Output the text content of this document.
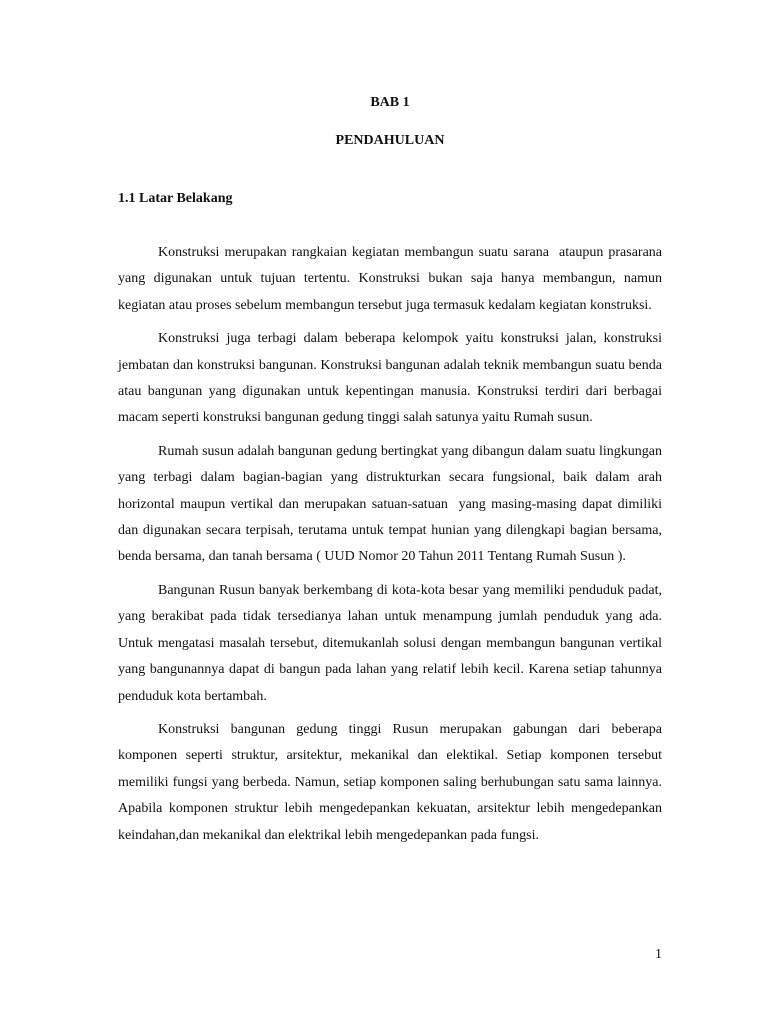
BAB 1
PENDAHULUAN
1.1 Latar Belakang

Konstruksi merupakan rangkaian kegiatan membangun suatu sarana  ataupun prasarana yang digunakan untuk tujuan tertentu. Konstruksi bukan saja hanya membangun, namun kegiatan atau proses sebelum membangun tersebut juga termasuk kedalam kegiatan konstruksi.

Konstruksi juga terbagi dalam beberapa kelompok yaitu konstruksi jalan, konstruksi jembatan dan konstruksi bangunan. Konstruksi bangunan adalah teknik membangun suatu benda atau bangunan yang digunakan untuk kepentingan manusia. Konstruksi terdiri dari berbagai macam seperti konstruksi bangunan gedung tinggi salah satunya yaitu Rumah susun.

Rumah susun adalah bangunan gedung bertingkat yang dibangun dalam suatu lingkungan yang terbagi dalam bagian-bagian yang distrukturkan secara fungsional, baik dalam arah horizontal maupun vertikal dan merupakan satuan-satuan  yang masing-masing dapat dimiliki dan digunakan secara terpisah, terutama untuk tempat hunian yang dilengkapi bagian bersama, benda bersama, dan tanah bersama ( UUD Nomor 20 Tahun 2011 Tentang Rumah Susun ).

Bangunan Rusun banyak berkembang di kota-kota besar yang memiliki penduduk padat, yang berakibat pada tidak tersedianya lahan untuk menampung jumlah penduduk yang ada. Untuk mengatasi masalah tersebut, ditemukanlah solusi dengan membangun bangunan vertikal yang bangunannya dapat di bangun pada lahan yang relatif lebih kecil. Karena setiap tahunnya penduduk kota bertambah.

Konstruksi bangunan gedung tinggi Rusun merupakan gabungan dari beberapa komponen seperti struktur, arsitektur, mekanikal dan elektikal. Setiap komponen tersebut memiliki fungsi yang berbeda. Namun, setiap komponen saling berhubungan satu sama lainnya. Apabila komponen struktur lebih mengedepankan kekuatan, arsitektur lebih mengedepankan keindahan,dan mekanikal dan elektrikal lebih mengedepankan pada fungsi.

1
